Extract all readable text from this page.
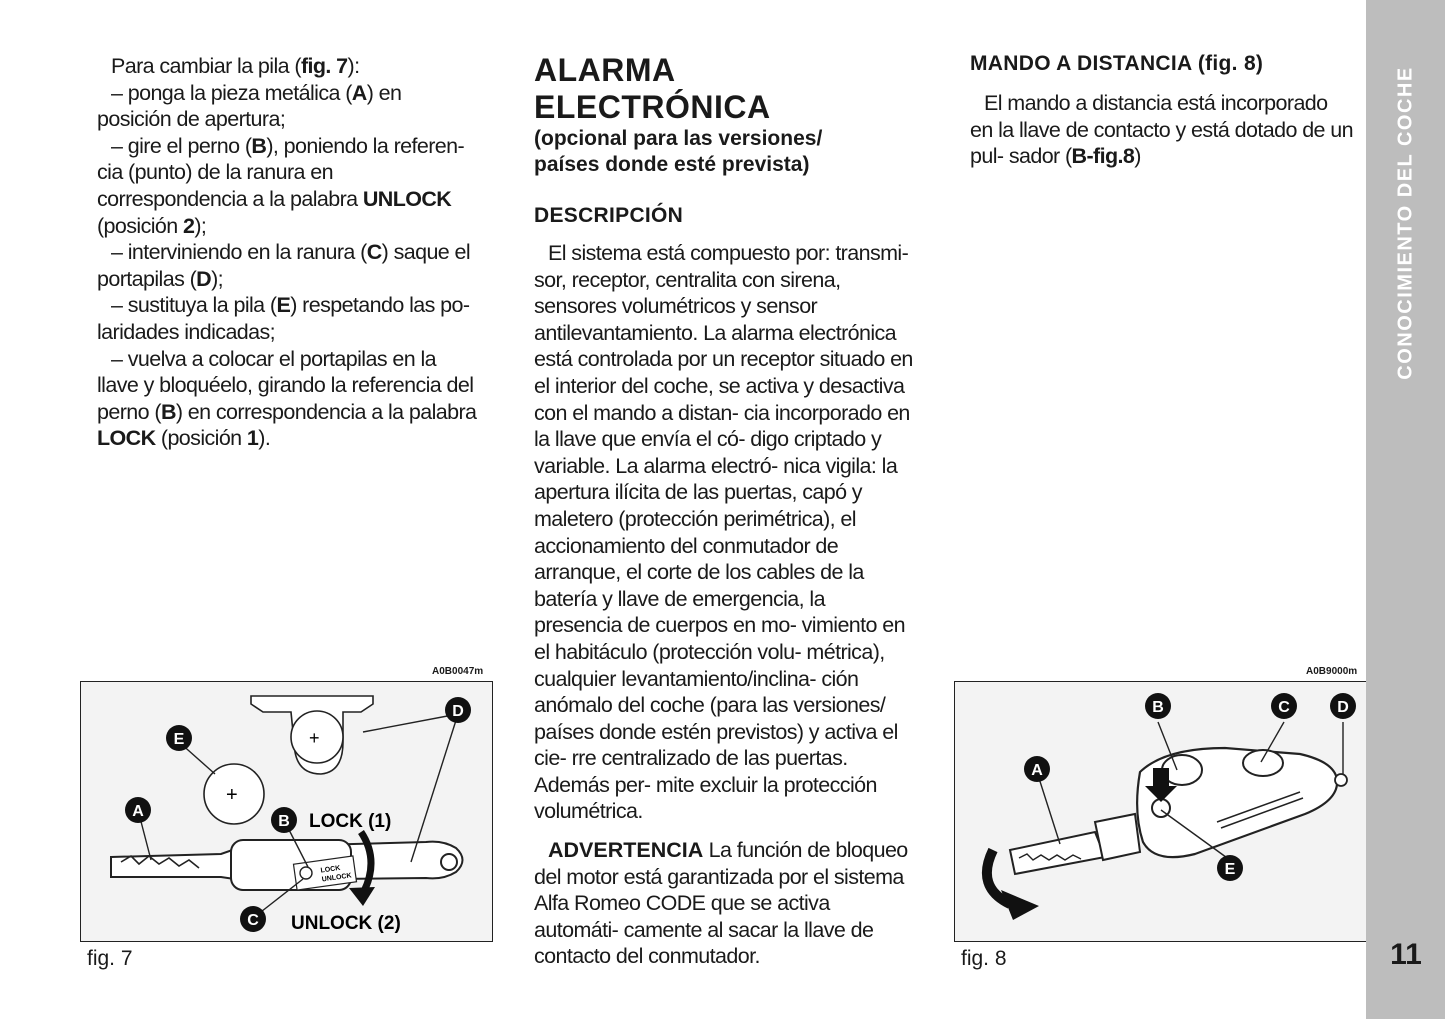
Para cambiar la pila (fig. 7):

– ponga la pieza metálica (A) en posición de apertura;

– gire el perno (B), poniendo la referen- cia (punto) de la ranura en correspondencia a la palabra UNLOCK (posición 2);

– interviniendo en la ranura (C) saque el portapilas (D);

– sustituya la pila (E) respetando las po- laridades indicadas;

– vuelva a colocar el portapilas en la llave y bloquéelo, girando la referencia del perno (B) en correspondencia a la palabra LOCK (posición 1).

ALARMA
ELECTRÓNICA
(opcional para las versiones/
países donde esté prevista)
DESCRIPCIÓN

El sistema está compuesto por: transmi- sor, receptor, centralita con sirena, sensores volumétricos y sensor antilevantamiento. La alarma electrónica está controlada por un receptor situado en el interior del coche, se activa y desactiva con el mando a distan- cia incorporado en la llave que envía el có- digo criptado y variable. La alarma electró- nica vigila: la apertura ilícita de las puertas, capó y maletero (protección perimétrica), el accionamiento del conmutador de arranque, el corte de los cables de la batería y llave de emergencia, la presencia de cuerpos en mo- vimiento en el habitáculo (protección volu- métrica), cualquier levantamiento/inclina- ción anómalo del coche (para las versiones/ países donde estén previstos) y activa el cie- rre centralizado de las puertas. Además per- mite excluir la protección volumétrica.

ADVERTENCIA La función de bloqueo del motor está garantizada por el sistema Alfa Romeo CODE que se activa automáti- camente al sacar la llave de contacto del conmutador.

MANDO A DISTANCIA (fig. 8)

El mando a distancia está incorporado en la llave de contacto y está dotado de un pul- sador (B-fig.8)

A0B0047m
LOCK
UNLOCK
+
+
E
A
B
C
D
LOCK (1)
UNLOCK (2)
fig. 7
A0B9000m
A
B	C	D
E
fig. 8
CONOCIMIENTO DEL COCHE
11
